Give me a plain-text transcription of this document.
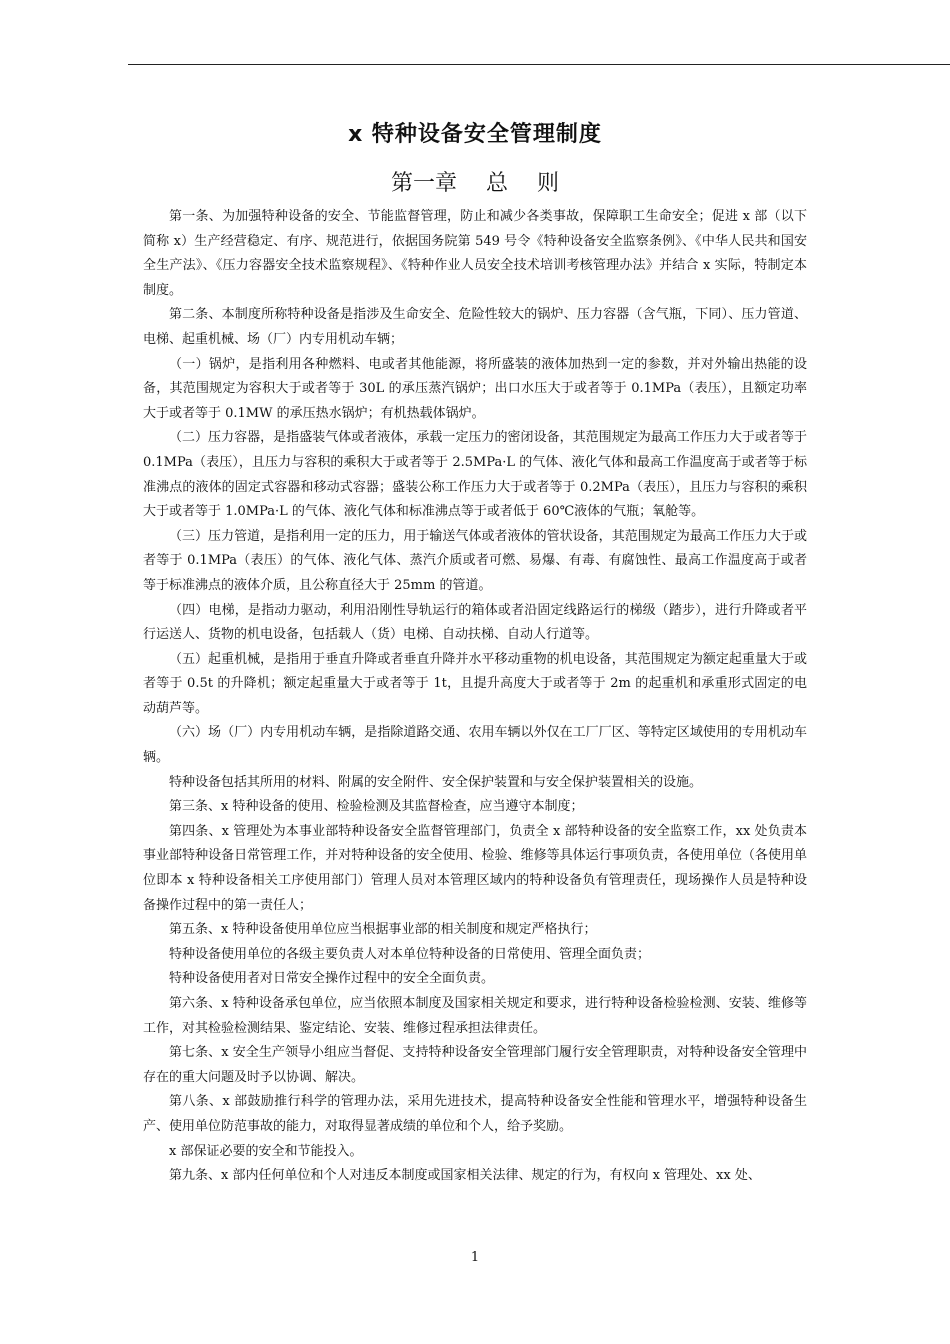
x 特种设备安全管理制度
第一章　 总　 则

第一条、为加强特种设备的安全、节能监督管理，防止和减少各类事故，保障职工生命安全；促进 x 部（以下简称 x）生产经营稳定、有序、规范进行，依据国务院第 549 号令《特种设备安全监察条例》、《中华人民共和国安全生产法》、《压力容器安全技术监察规程》、《特种作业人员安全技术培训考核管理办法》并结合 x 实际，特制定本制度。

第二条、本制度所称特种设备是指涉及生命安全、危险性较大的锅炉、压力容器（含气瓶，下同）、压力管道、电梯、起重机械、场（厂）内专用机动车辆；

（一）锅炉，是指利用各种燃料、电或者其他能源，将所盛装的液体加热到一定的参数，并对外输出热能的设备，其范围规定为容积大于或者等于 30L 的承压蒸汽锅炉；出口水压大于或者等于 0.1MPa（表压），且额定功率大于或者等于 0.1MW 的承压热水锅炉；有机热载体锅炉。

（二）压力容器，是指盛装气体或者液体，承载一定压力的密闭设备，其范围规定为最高工作压力大于或者等于 0.1MPa（表压），且压力与容积的乘积大于或者等于 2.5MPa·L 的气体、液化气体和最高工作温度高于或者等于标准沸点的液体的固定式容器和移动式容器；盛装公称工作压力大于或者等于 0.2MPa（表压），且压力与容积的乘积大于或者等于 1.0MPa·L 的气体、液化气体和标准沸点等于或者低于 60℃液体的气瓶；氧舱等。

（三）压力管道，是指利用一定的压力，用于输送气体或者液体的管状设备，其范围规定为最高工作压力大于或者等于 0.1MPa（表压）的气体、液化气体、蒸汽介质或者可燃、易爆、有毒、有腐蚀性、最高工作温度高于或者等于标准沸点的液体介质，且公称直径大于 25mm 的管道。

（四）电梯，是指动力驱动，利用沿刚性导轨运行的箱体或者沿固定线路运行的梯级（踏步），进行升降或者平行运送人、货物的机电设备，包括载人（货）电梯、自动扶梯、自动人行道等。

（五）起重机械，是指用于垂直升降或者垂直升降并水平移动重物的机电设备，其范围规定为额定起重量大于或者等于 0.5t 的升降机；额定起重量大于或者等于 1t，且提升高度大于或者等于 2m 的起重机和承重形式固定的电动葫芦等。

（六）场（厂）内专用机动车辆，是指除道路交通、农用车辆以外仅在工厂厂区、等特定区域使用的专用机动车辆。

特种设备包括其所用的材料、附属的安全附件、安全保护装置和与安全保护装置相关的设施。

第三条、x 特种设备的使用、检验检测及其监督检查，应当遵守本制度；

第四条、x 管理处为本事业部特种设备安全监督管理部门，负责全 x 部特种设备的安全监察工作，xx 处负责本事业部特种设备日常管理工作，并对特种设备的安全使用、检验、维修等具体运行事项负责，各使用单位（各使用单位即本 x 特种设备相关工序使用部门）管理人员对本管理区域内的特种设备负有管理责任，现场操作人员是特种设备操作过程中的第一责任人；

第五条、x 特种设备使用单位应当根据事业部的相关制度和规定严格执行；

特种设备使用单位的各级主要负责人对本单位特种设备的日常使用、管理全面负责；

特种设备使用者对日常安全操作过程中的安全全面负责。

第六条、x 特种设备承包单位，应当依照本制度及国家相关规定和要求，进行特种设备检验检测、安装、维修等工作，对其检验检测结果、鉴定结论、安装、维修过程承担法律责任。

第七条、x 安全生产领导小组应当督促、支持特种设备安全管理部门履行安全管理职责，对特种设备安全管理中存在的重大问题及时予以协调、解决。

第八条、x 部鼓励推行科学的管理办法，采用先进技术，提高特种设备安全性能和管理水平，增强特种设备生产、使用单位防范事故的能力，对取得显著成绩的单位和个人，给予奖励。

x 部保证必要的安全和节能投入。

第九条、x 部内任何单位和个人对违反本制度或国家相关法律、规定的行为，有权向 x 管理处、xx 处、

1
